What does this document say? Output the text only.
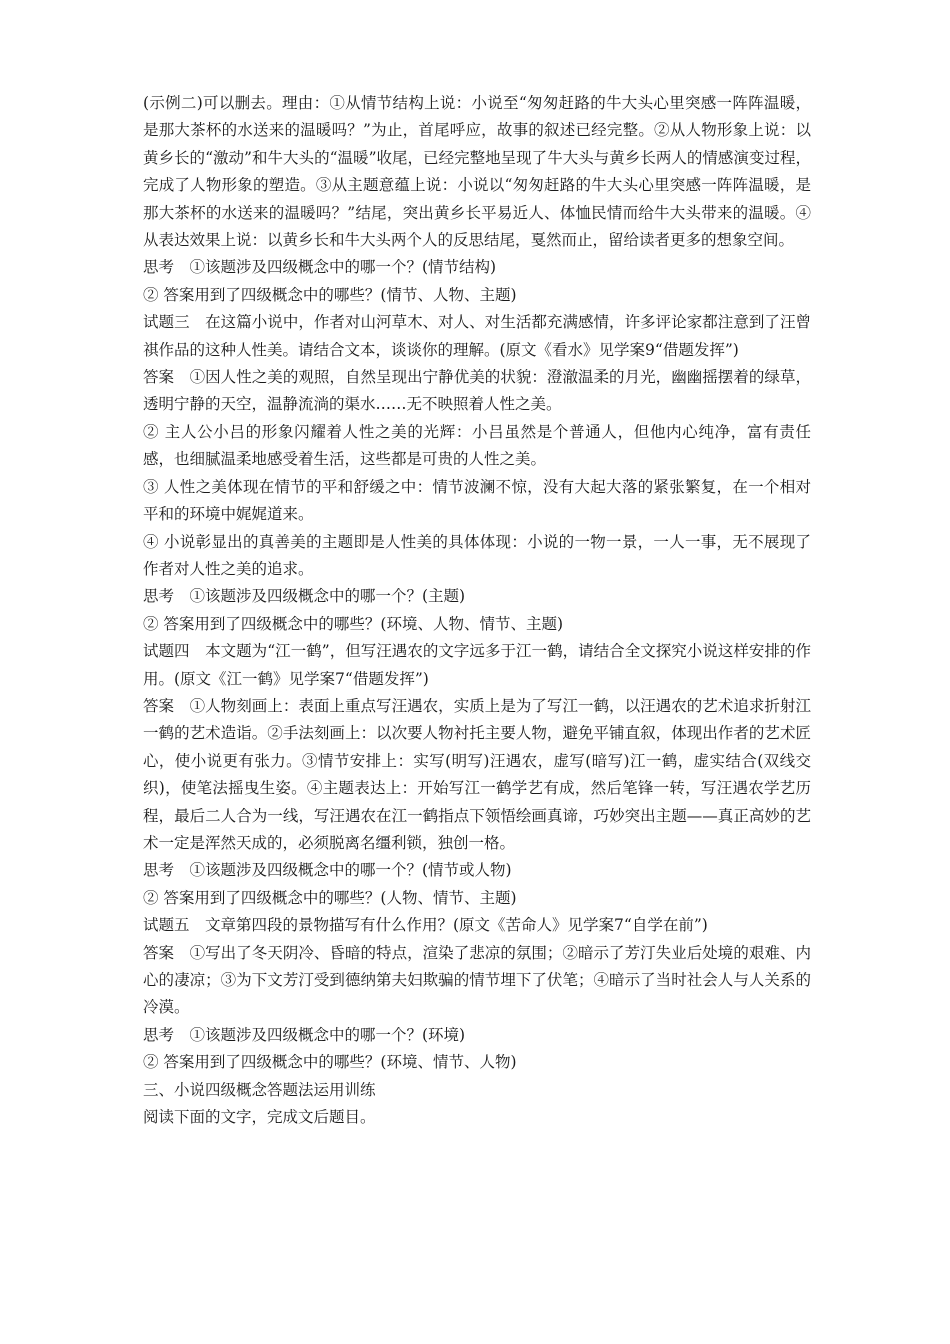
(示例二)可以删去。理由：①从情节结构上说：小说至“匆匆赶路的牛大头心里突感一阵阵温暖，是那大茶杯的水送来的温暖吗？”为止，首尾呼应，故事的叙述已经完整。②从人物形象上说：以黄乡长的“激动”和牛大头的“温暖”收尾，已经完整地呈现了牛大头与黄乡长两人的情感演变过程，完成了人物形象的塑造。③从主题意蕴上说：小说以“匆匆赶路的牛大头心里突感一阵阵温暖，是那大茶杯的水送来的温暖吗？”结尾，突出黄乡长平易近人、体恤民情而给牛大头带来的温暖。④从表达效果上说：以黄乡长和牛大头两个人的反思结尾，戛然而止，留给读者更多的想象空间。

思考　①该题涉及四级概念中的哪一个？(情节结构)

② 答案用到了四级概念中的哪些？(情节、人物、主题)

试题三　在这篇小说中，作者对山河草木、对人、对生活都充满感情，许多评论家都注意到了汪曾祺作品的这种人性美。请结合文本，谈谈你的理解。(原文《看水》见学案9“借题发挥”)

答案　①因人性之美的观照，自然呈现出宁静优美的状貌：澄澈温柔的月光，幽幽摇摆着的绿草，透明宁静的天空，温静流淌的渠水……无不映照着人性之美。

② 主人公小吕的形象闪耀着人性之美的光辉：小吕虽然是个普通人，但他内心纯净，富有责任感，也细腻温柔地感受着生活，这些都是可贵的人性之美。

③ 人性之美体现在情节的平和舒缓之中：情节波澜不惊，没有大起大落的紧张繁复，在一个相对平和的环境中娓娓道来。

④ 小说彰显出的真善美的主题即是人性美的具体体现：小说的一物一景，一人一事，无不展现了作者对人性之美的追求。

思考　①该题涉及四级概念中的哪一个？(主题)

② 答案用到了四级概念中的哪些？(环境、人物、情节、主题)

试题四　本文题为“江一鹤”，但写汪遇农的文字远多于江一鹤，请结合全文探究小说这样安排的作用。(原文《江一鹤》见学案7“借题发挥”)

答案　①人物刻画上：表面上重点写汪遇农，实质上是为了写江一鹤，以汪遇农的艺术追求折射江一鹤的艺术造诣。②手法刻画上：以次要人物衬托主要人物，避免平铺直叙，体现出作者的艺术匠心，使小说更有张力。③情节安排上：实写(明写)汪遇农，虚写(暗写)江一鹤，虚实结合(双线交织)，使笔法摇曳生姿。④主题表达上：开始写江一鹤学艺有成，然后笔锋一转，写汪遇农学艺历程，最后二人合为一线，写汪遇农在江一鹤指点下领悟绘画真谛，巧妙突出主题——真正高妙的艺术一定是浑然天成的，必须脱离名缰利锁，独创一格。

思考　①该题涉及四级概念中的哪一个？(情节或人物)

② 答案用到了四级概念中的哪些？(人物、情节、主题)

试题五　文章第四段的景物描写有什么作用？(原文《苦命人》见学案7“自学在前”)

答案　①写出了冬天阴冷、昏暗的特点，渲染了悲凉的氛围；②暗示了芳汀失业后处境的艰难、内心的凄凉；③为下文芳汀受到德纳第夫妇欺骗的情节埋下了伏笔；④暗示了当时社会人与人关系的冷漠。

思考　①该题涉及四级概念中的哪一个？(环境)

② 答案用到了四级概念中的哪些？(环境、情节、人物)

三、小说四级概念答题法运用训练

阅读下面的文字，完成文后题目。
